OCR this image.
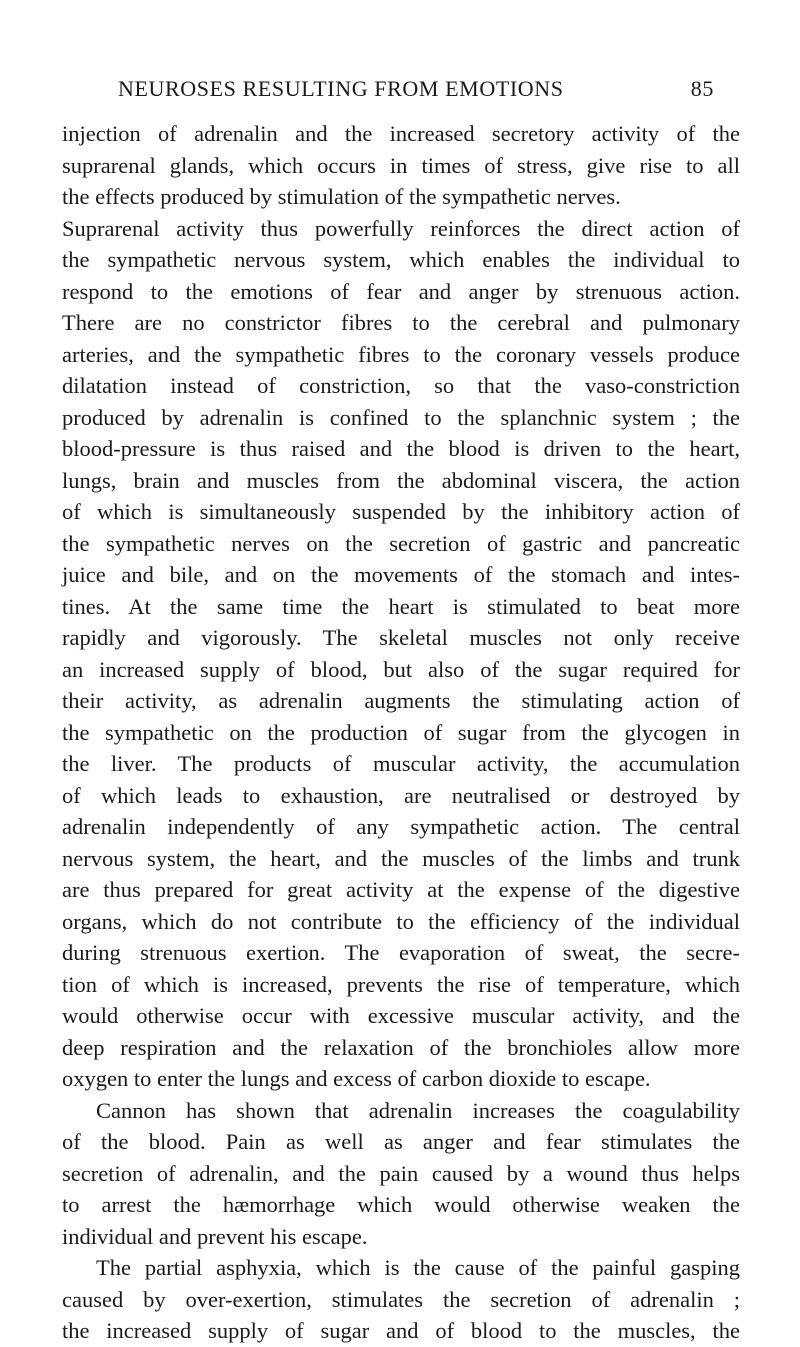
NEUROSES RESULTING FROM EMOTIONS	85
injection of adrenalin and the increased secretory activity of the
suprarenal glands, which occurs in times of stress, give rise to all
the effects produced by stimulation of the sympathetic nerves.
Suprarenal activity thus powerfully reinforces the direct action of
the sympathetic nervous system, which enables the individual to
respond to the emotions of fear and anger by strenuous action.
There are no constrictor fibres to the cerebral and pulmonary
arteries, and the sympathetic fibres to the coronary vessels produce
dilatation instead of constriction, so that the vaso-constriction
produced by adrenalin is confined to the splanchnic system ; the
blood-pressure is thus raised and the blood is driven to the heart,
lungs, brain and muscles from the abdominal viscera, the action
of which is simultaneously suspended by the inhibitory action of
the sympathetic nerves on the secretion of gastric and pancreatic
juice and bile, and on the movements of the stomach and intes-
tines. At the same time the heart is stimulated to beat more
rapidly and vigorously. The skeletal muscles not only receive
an increased supply of blood, but also of the sugar required for
their activity, as adrenalin augments the stimulating action of
the sympathetic on the production of sugar from the glycogen in
the liver. The products of muscular activity, the accumulation
of which leads to exhaustion, are neutralised or destroyed by
adrenalin independently of any sympathetic action. The central
nervous system, the heart, and the muscles of the limbs and trunk
are thus prepared for great activity at the expense of the digestive
organs, which do not contribute to the efficiency of the individual
during strenuous exertion. The evaporation of sweat, the secre-
tion of which is increased, prevents the rise of temperature, which
would otherwise occur with excessive muscular activity, and the
deep respiration and the relaxation of the bronchioles allow more
oxygen to enter the lungs and excess of carbon dioxide to escape.
Cannon has shown that adrenalin increases the coagulability
of the blood. Pain as well as anger and fear stimulates the
secretion of adrenalin, and the pain caused by a wound thus helps
to arrest the hæmorrhage which would otherwise weaken the
individual and prevent his escape.
The partial asphyxia, which is the cause of the painful gasping
caused by over-exertion, stimulates the secretion of adrenalin ;
the increased supply of sugar and of blood to the muscles, the
